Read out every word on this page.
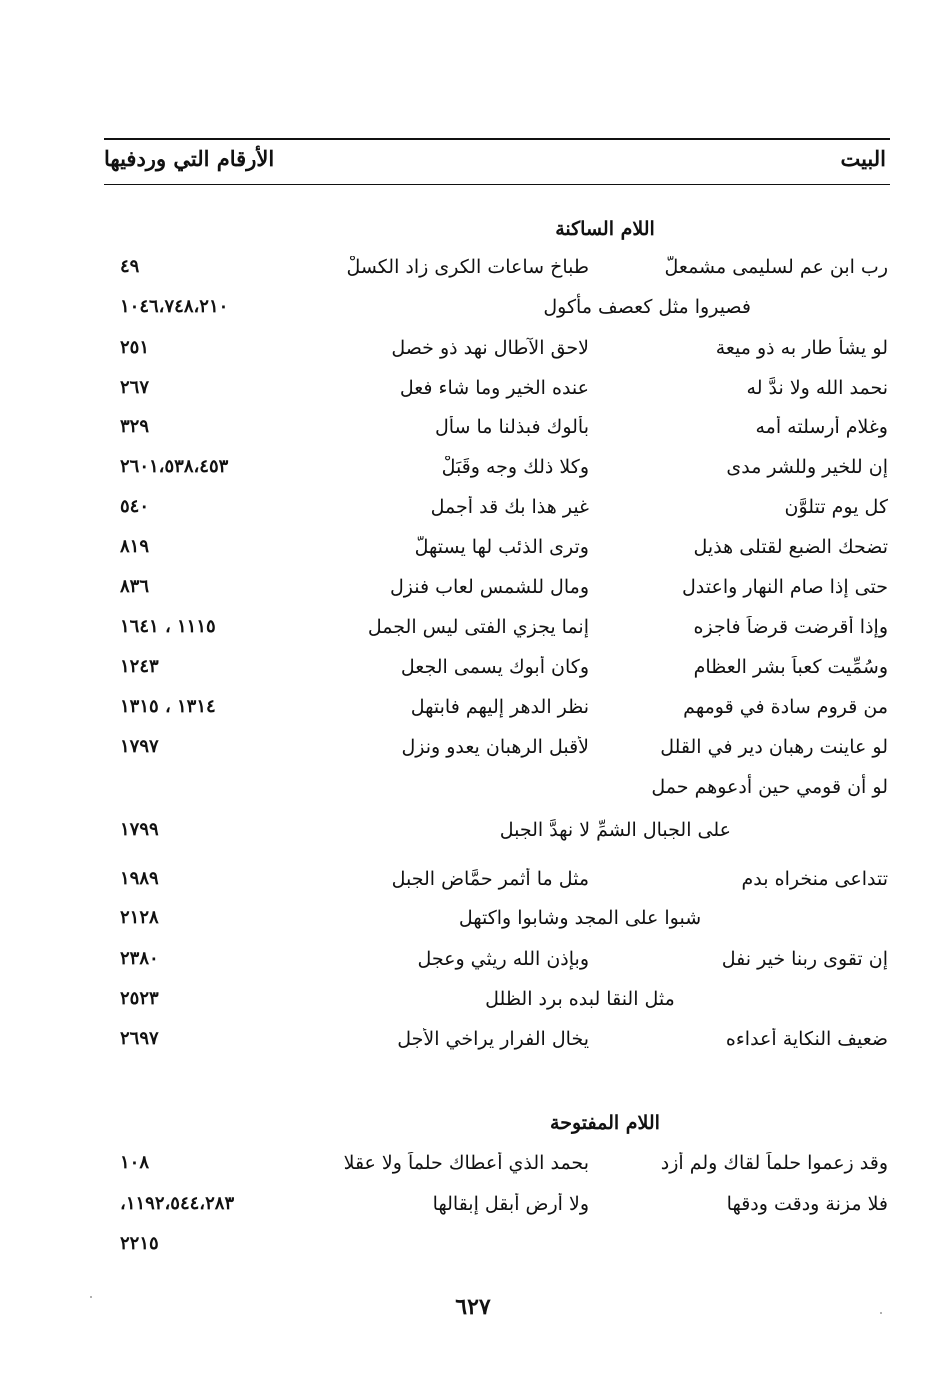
البيت
الأرقام التي وردفيها
اللام الساكنة
رب ابن عم لسليمى مشمعلّ
طباخ ساعات الكرى زاد الكسلْ
٤٩
فصيروا مثل كعصف مأكول
١٠٤٦،٧٤٨،٢١٠
لو يشأ طار به ذو ميعة
لاحق الآطال نهد ذو خصل
٢٥١
نحمد الله ولا ندَّ له
عنده الخير وما شاء فعل
٢٦٧
وغلام أرسلته أمه
بألوك فبذلنا ما سأل
٣٢٩
إن للخير وللشر مدى
وكلا ذلك وجه وقَبَلْ
٢٦٠١،٥٣٨،٤٥٣
كل يوم تتلوَّن
غير هذا بك قد أجمل
٥٤٠
تضحك الضبع لقتلى هذيل
وترى الذئب لها يستهلّ
٨١٩
حتى إذا صام النهار واعتدل
ومال للشمس لعاب فنزل
٨٣٦
وإذا أقرضت قرضاً فاجزه
إنما يجزي الفتى ليس الجمل
١١١٥ ، ١٦٤١
وسُمِّيت كعباً بشر العظام
وكان أبوك يسمى الجعل
١٢٤٣
من قروم سادة في قومهم
نظر الدهر إليهم فابتهل
١٣١٤ ، ١٣١٥
لو عاينت رهبان دير في القلل
لأقبل الرهبان يعدو ونزل
١٧٩٧
لو أن قومي حين أدعوهم حمل
على الجبال الشمِّ لا نهدَّ الجبل
١٧٩٩
تتداعى منخراه بدم
مثل ما أثمر حمَّاض الجبل
١٩٨٩
شبوا على المجد وشابوا واكتهل
٢١٢٨
إن تقوى ربنا خير نفل
وبإذن الله ريثي وعجل
٢٣٨٠
مثل النقا لبده برد الظلل
٢٥٢٣
ضعيف النكاية أعداءه
يخال الفرار يراخي الأجل
٢٦٩٧
اللام المفتوحة
وقد زعموا حلماً لقاك ولم أزد
بحمد الذي أعطاك حلماً ولا عقلا
١٠٨
فلا مزنة ودقت ودقها
ولا أرض أبقل إبقالها
١١٩٢،٥٤٤،٢٨٣،
٢٢١٥
٦٢٧
